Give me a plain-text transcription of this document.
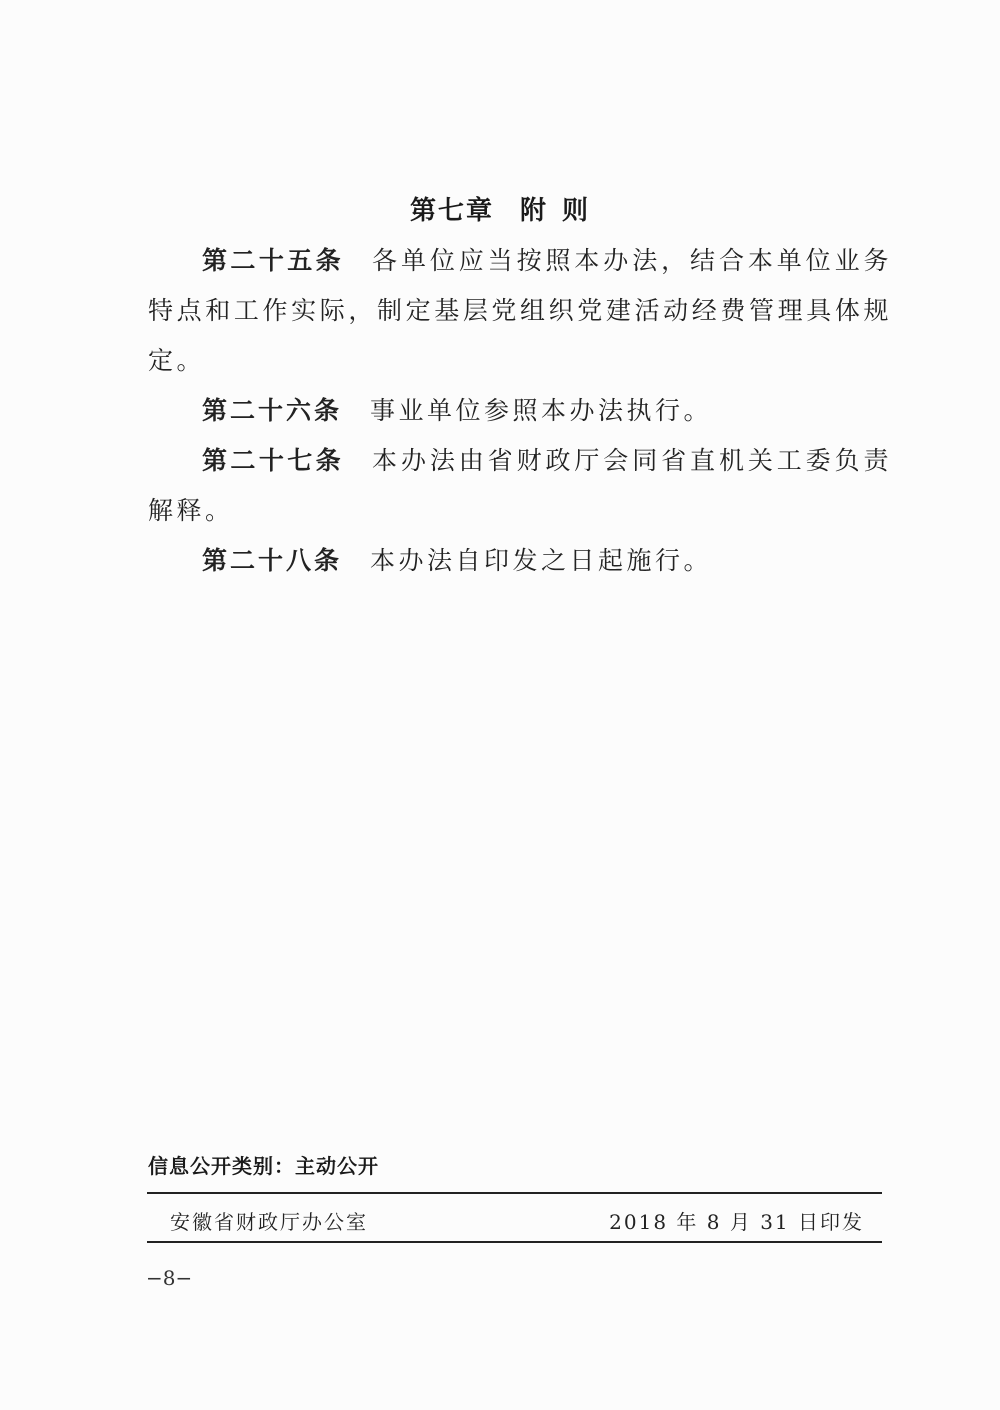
第七章 附 则

第二十五条 各单位应当按照本办法，结合本单位业务特点和工作实际，制定基层党组织党建活动经费管理具体规定。

第二十六条 事业单位参照本办法执行。

第二十七条 本办法由省财政厅会同省直机关工委负责解释。

第二十八条 本办法自印发之日起施行。

信息公开类别：主动公开
安徽省财政厅办公室	2018 年 8 月 31 日印发
−8−
